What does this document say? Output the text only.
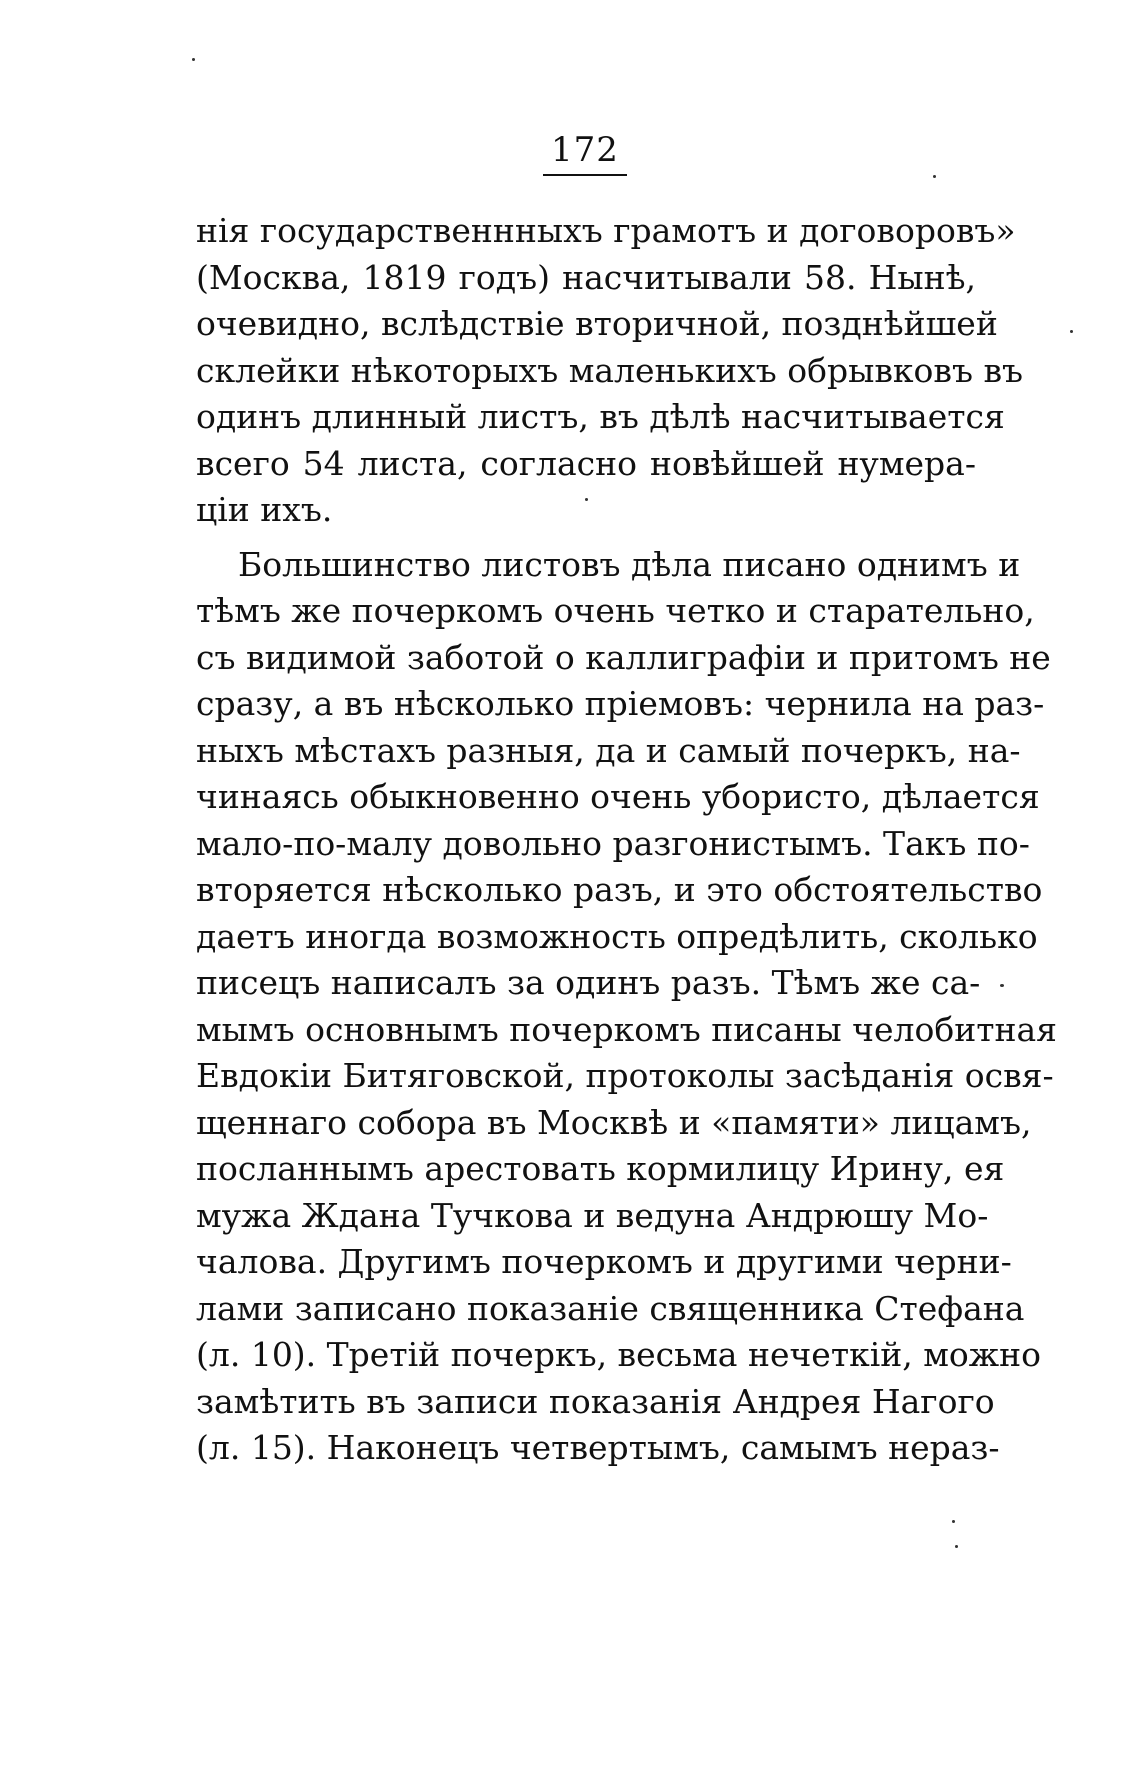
172
нія государственнныхъ грамотъ и договоровъ»
(Москва, 1819 годъ) насчитывали 58. Нынѣ,
очевидно, вслѣдствіе вторичной, позднѣйшей
склейки нѣкоторыхъ маленькихъ обрывковъ въ
одинъ длинный листъ, въ дѣлѣ насчитывается
всего 54 листа, согласно новѣйшей нумера-
ціи ихъ.
Большинство листовъ дѣла писано однимъ и
тѣмъ же почеркомъ очень четко и старательно,
съ видимой заботой о каллиграфіи и притомъ не
сразу, а въ нѣсколько пріемовъ: чернила на раз-
ныхъ мѣстахъ разныя, да и самый почеркъ, на-
чинаясь обыкновенно очень убористо, дѣлается
мало-по-малу довольно разгонистымъ. Такъ по-
вторяется нѣсколько разъ, и это обстоятельство
даетъ иногда возможность опредѣлить, сколько
писецъ написалъ за одинъ разъ. Тѣмъ же са-
мымъ основнымъ почеркомъ писаны челобитная
Евдокіи Битяговской, протоколы засѣданія освя-
щеннаго собора въ Москвѣ и «памяти» лицамъ,
посланнымъ арестовать кормилицу Ирину, ея
мужа Ждана Тучкова и ведуна Андрюшу Мо-
чалова. Другимъ почеркомъ и другими черни-
лами записано показаніе священника Стефана
(л. 10). Третій почеркъ, весьма нечеткій, можно
замѣтить въ записи показанія Андрея Нагого
(л. 15). Наконецъ четвертымъ, самымъ нераз-
